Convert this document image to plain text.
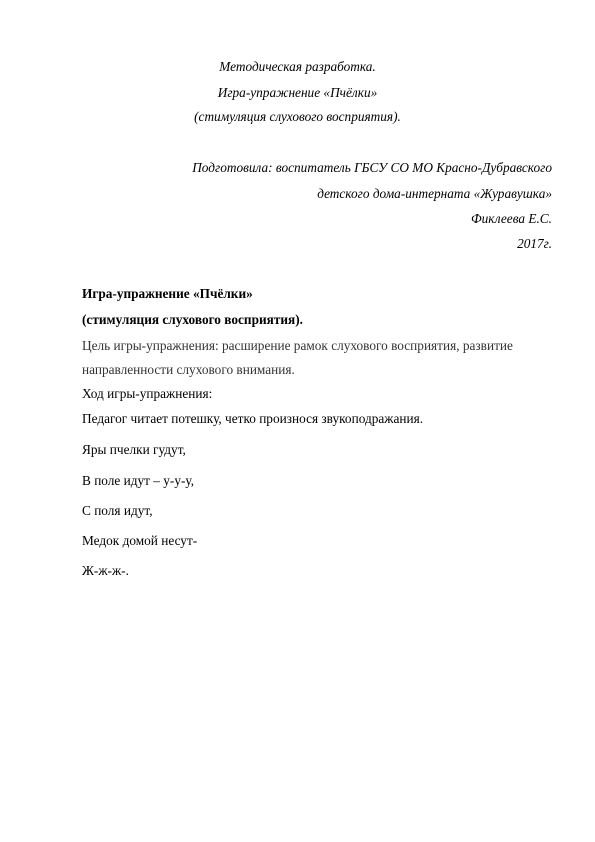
Методическая разработка.
Игра-упражнение «Пчёлки»
(стимуляция слухового восприятия).
Подготовила: воспитатель ГБСУ СО МО Красно-Дубравского
детского дома-интерната «Журавушка»
Фиклеева Е.С.
2017г.
Игра-упражнение «Пчёлки»
(стимуляция слухового восприятия).
Цель игры-упражнения: расширение рамок слухового восприятия, развитие
направленности слухового внимания.
Ход игры-упражнения:
Педагог читает потешку, четко произнося звукоподражания.
Яры пчелки гудут,
В поле идут – у-у-у,
С поля идут,
Медок домой несут-
Ж-ж-ж-.
